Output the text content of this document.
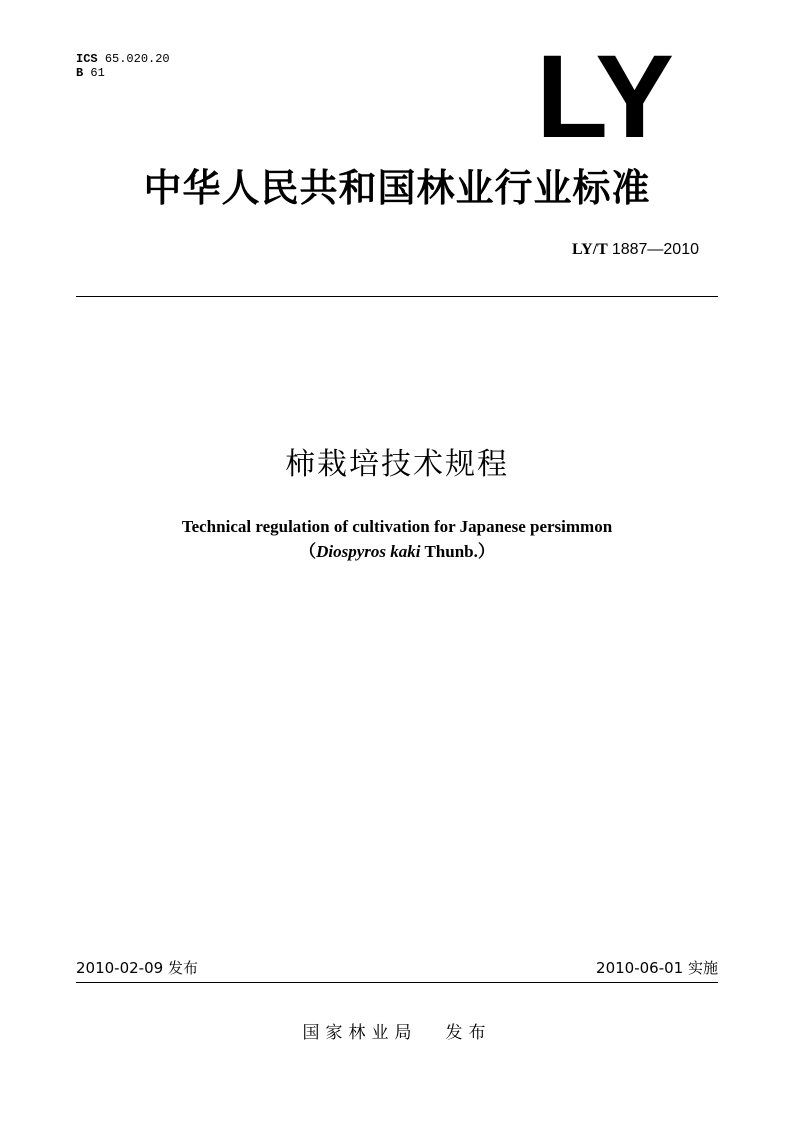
ICS 65.020.20
B 61	LY
中华人民共和国林业行业标准
LY/T 1887—2010
柿栽培技术规程
Technical regulation of cultivation for Japanese persimmon
（Diospyros kaki Thunb.）
2010-02-09 发布	2010-06-01 实施
国家林业局 发布
